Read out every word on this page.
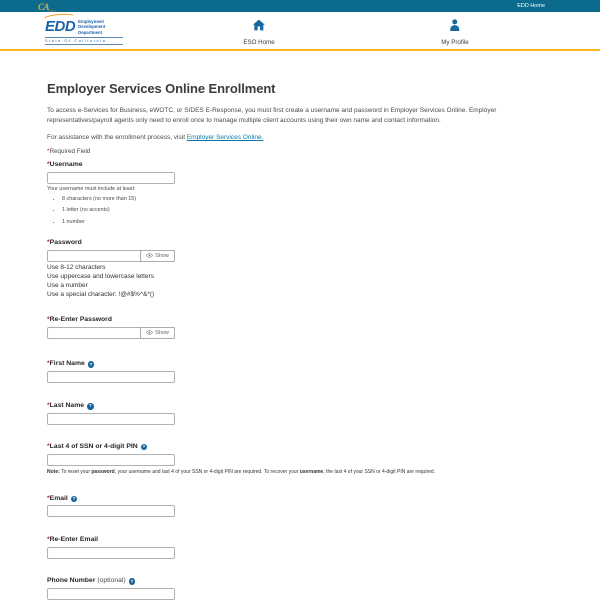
CA	EDD Home
EDD Employment
Development
Department
State Of California	ESO Home	My Profile
Employer Services Online Enrollment

To access e-Services for Business, eWOTC, or SIDES E-Response, you must first create a username and password in Employer Services Online. Employer representatives/payroll agents only need to enroll once to manage multiple client accounts using their own name and contact information.

For assistance with the enrollment process, visit Employer Services Online.

*Required Field

* Username
Your username must include at least:
• 8 characters (no more than 15)
• 1 letter (no accents)
• 1 number
* Password
Show
Use 8-12 characters
Use uppercase and lowercase letters
Use a number
Use a special character: !@#$%^&*()
* Re-Enter Password
Show
* First Name	?
* Last Name	?
* Last 4 of SSN or 4-digit PIN	?

Note: To reset your password, your username and last 4 of your SSN or 4-digit PIN are required. To recover your username, the last 4 of your SSN or 4-digit PIN are required.

* Email	?
* Re-Enter Email
Phone Number (optional)	?
